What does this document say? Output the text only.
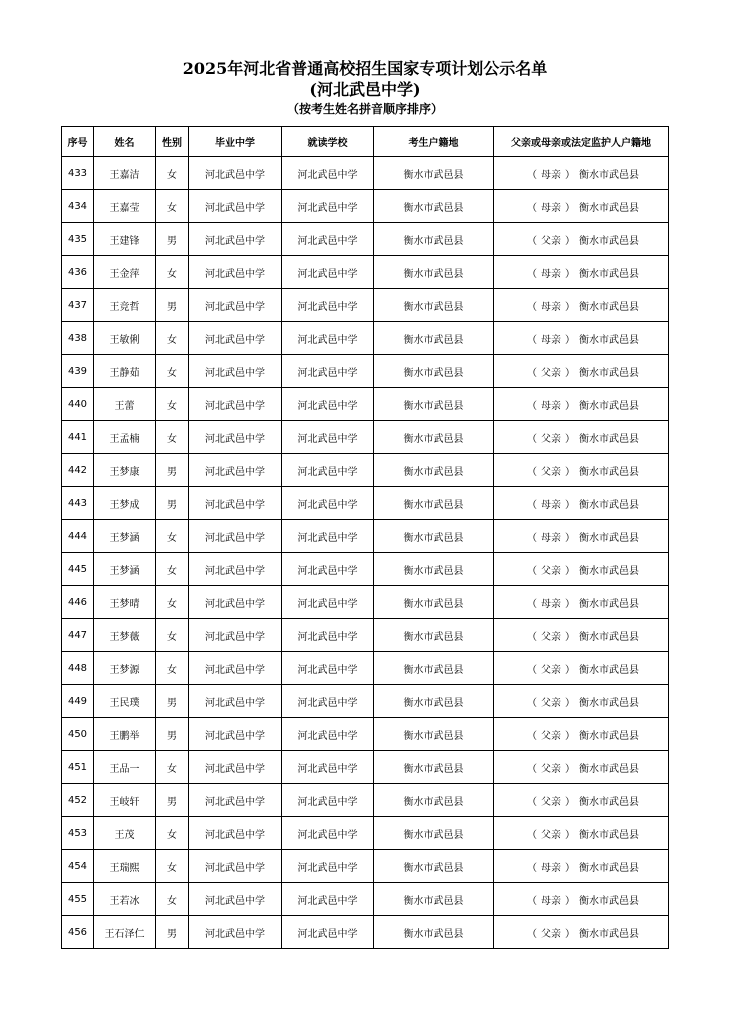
2025年河北省普通高校招生国家专项计划公示名单
(河北武邑中学)
（按考生姓名拼音顺序排序）
序号	姓名	性别	毕业中学	就读学校	考生户籍地	父亲或母亲或法定监护人户籍地
433	王嘉洁	女	河北武邑中学	河北武邑中学	衡水市武邑县	（ 母亲 ） 衡水市武邑县
434	王嘉莹	女	河北武邑中学	河北武邑中学	衡水市武邑县	（ 母亲 ） 衡水市武邑县
435	王建锋	男	河北武邑中学	河北武邑中学	衡水市武邑县	（ 父亲 ） 衡水市武邑县
436	王金萍	女	河北武邑中学	河北武邑中学	衡水市武邑县	（ 母亲 ） 衡水市武邑县
437	王竞哲	男	河北武邑中学	河北武邑中学	衡水市武邑县	（ 母亲 ） 衡水市武邑县
438	王敏俐	女	河北武邑中学	河北武邑中学	衡水市武邑县	（ 母亲 ） 衡水市武邑县
439	王静茹	女	河北武邑中学	河北武邑中学	衡水市武邑县	（ 父亲 ） 衡水市武邑县
440	王蕾	女	河北武邑中学	河北武邑中学	衡水市武邑县	（ 母亲 ） 衡水市武邑县
441	王孟楠	女	河北武邑中学	河北武邑中学	衡水市武邑县	（ 父亲 ） 衡水市武邑县
442	王梦康	男	河北武邑中学	河北武邑中学	衡水市武邑县	（ 父亲 ） 衡水市武邑县
443	王梦成	男	河北武邑中学	河北武邑中学	衡水市武邑县	（ 母亲 ） 衡水市武邑县
444	王梦涵	女	河北武邑中学	河北武邑中学	衡水市武邑县	（ 母亲 ） 衡水市武邑县
445	王梦涵	女	河北武邑中学	河北武邑中学	衡水市武邑县	（ 父亲 ） 衡水市武邑县
446	王梦晴	女	河北武邑中学	河北武邑中学	衡水市武邑县	（ 母亲 ） 衡水市武邑县
447	王梦薇	女	河北武邑中学	河北武邑中学	衡水市武邑县	（ 父亲 ） 衡水市武邑县
448	王梦源	女	河北武邑中学	河北武邑中学	衡水市武邑县	（ 父亲 ） 衡水市武邑县
449	王民璞	男	河北武邑中学	河北武邑中学	衡水市武邑县	（ 父亲 ） 衡水市武邑县
450	王鹏举	男	河北武邑中学	河北武邑中学	衡水市武邑县	（ 父亲 ） 衡水市武邑县
451	王品一	女	河北武邑中学	河北武邑中学	衡水市武邑县	（ 父亲 ） 衡水市武邑县
452	王岐轩	男	河北武邑中学	河北武邑中学	衡水市武邑县	（ 父亲 ） 衡水市武邑县
453	王茂	女	河北武邑中学	河北武邑中学	衡水市武邑县	（ 父亲 ） 衡水市武邑县
454	王瑞熙	女	河北武邑中学	河北武邑中学	衡水市武邑县	（ 母亲 ） 衡水市武邑县
455	王若冰	女	河北武邑中学	河北武邑中学	衡水市武邑县	（ 母亲 ） 衡水市武邑县
456	王石泽仁	男	河北武邑中学	河北武邑中学	衡水市武邑县	（ 父亲 ） 衡水市武邑县
